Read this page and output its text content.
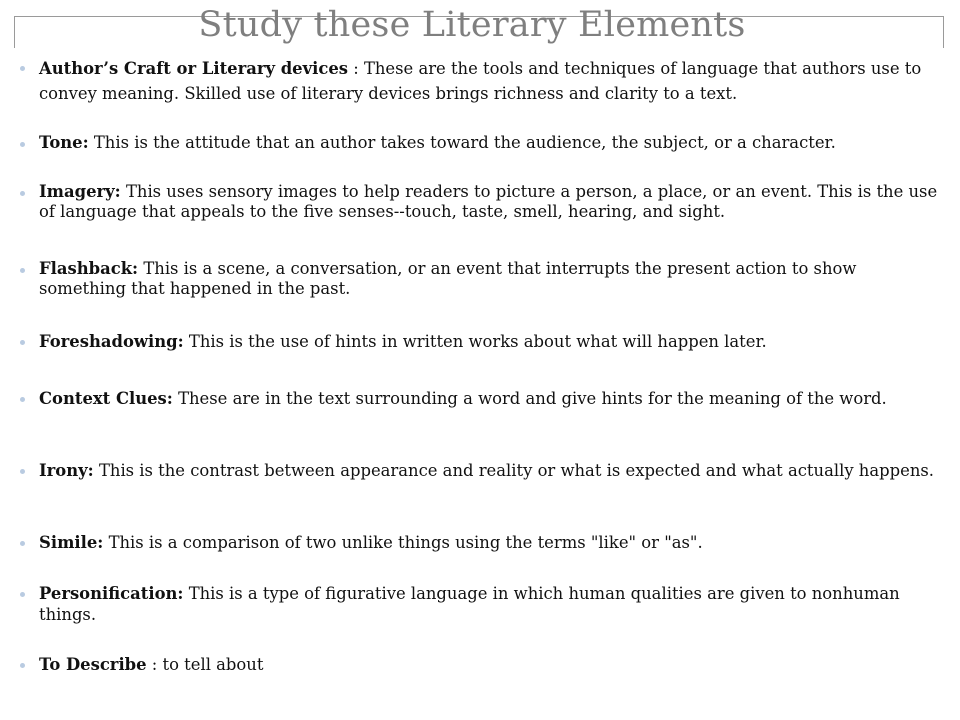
Study these Literary Elements
Author’s Craft or Literary devices : These are the tools and techniques of language that authors use to convey meaning. Skilled use of literary devices brings richness and clarity to a text.
Tone: This is the attitude that an author takes toward the audience, the subject, or a character.
Imagery: This uses sensory images to help readers to picture a person, a place, or an event. This is the use of language that appeals to the five senses--touch, taste, smell, hearing, and sight.
Flashback: This is a scene, a conversation, or an event that interrupts the present action to show something that happened in the past.
Foreshadowing: This is the use of hints in written works about what will happen later.
Context Clues: These are in the text surrounding a word and give hints for the meaning of the word.
Irony: This is the contrast between appearance and reality or what is expected and what actually happens.
Simile: This is a comparison of two unlike things using the terms "like" or "as".
Personification: This is a type of figurative language in which human qualities are given to nonhuman things.
To Describe : to tell about
